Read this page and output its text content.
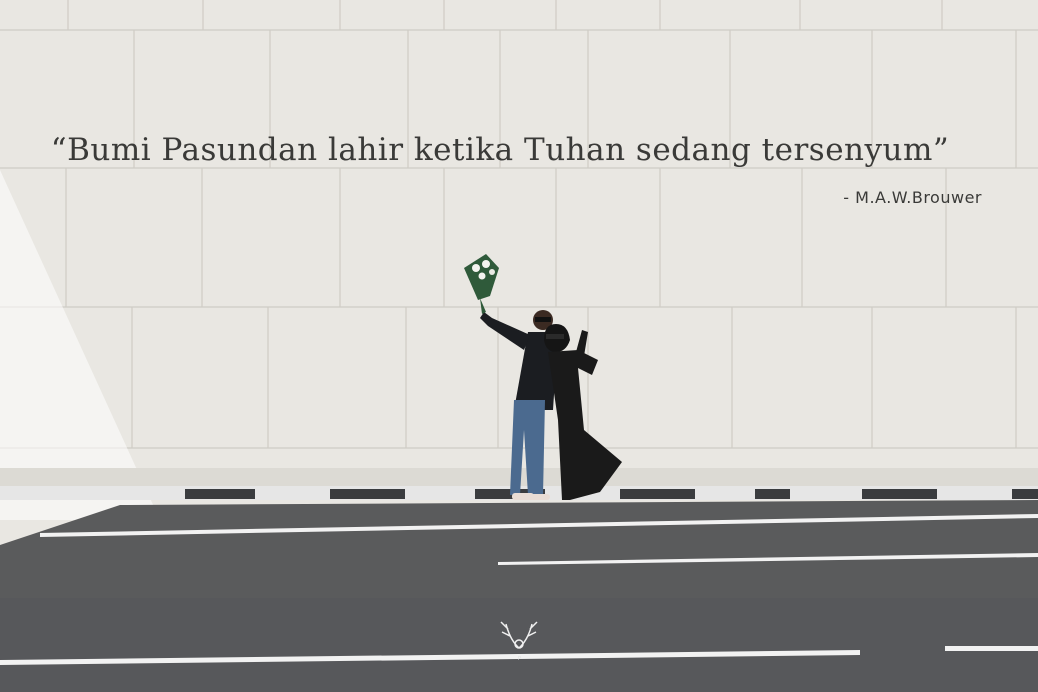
“Bumi Pasundan lahir ketika Tuhan sedang tersenyum”
- M.A.W.Brouwer
P
